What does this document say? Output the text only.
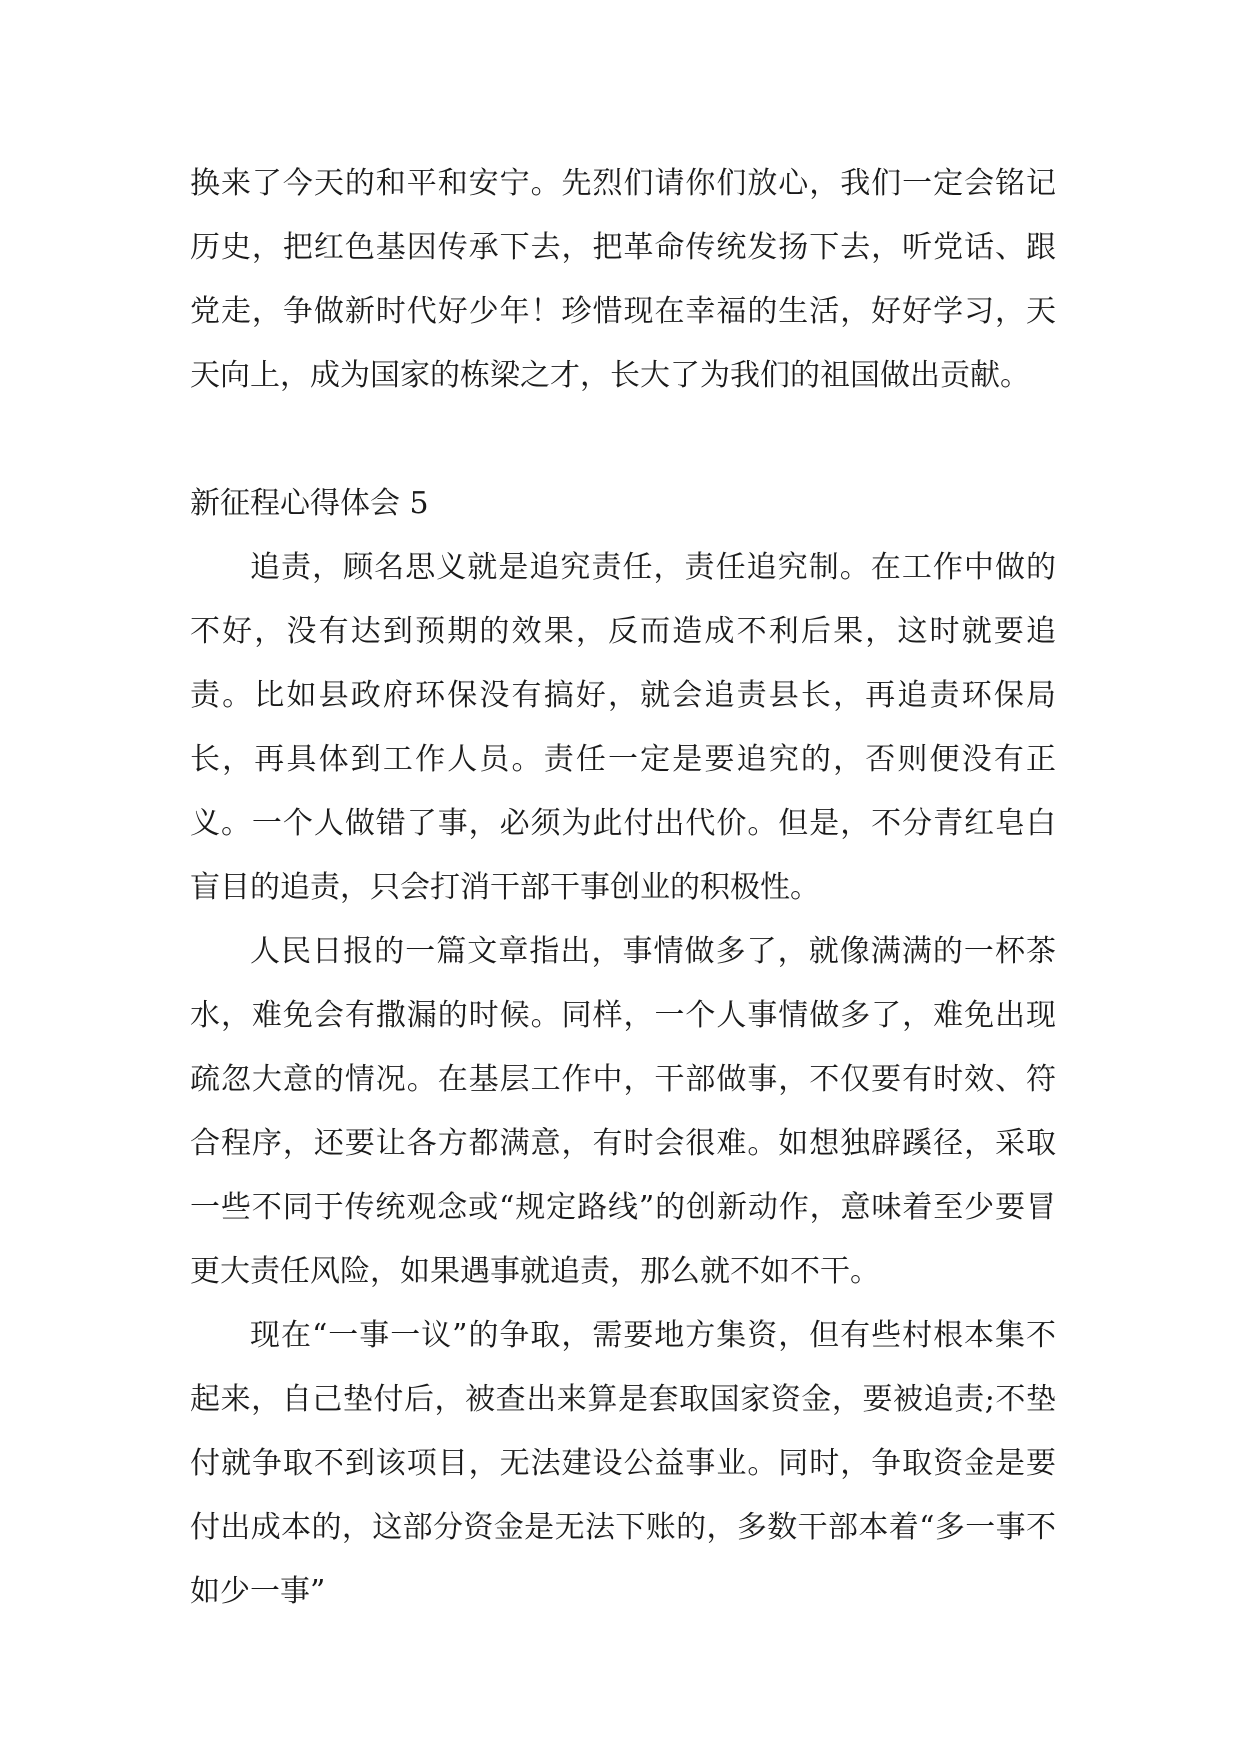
换来了今天的和平和安宁。先烈们请你们放心，我们一定会铭记历史，把红色基因传承下去，把革命传统发扬下去，听党话、跟党走，争做新时代好少年！珍惜现在幸福的生活，好好学习，天天向上，成为国家的栋梁之才，长大了为我们的祖国做出贡献。

新征程心得体会 5

追责，顾名思义就是追究责任，责任追究制。在工作中做的不好，没有达到预期的效果，反而造成不利后果，这时就要追责。比如县政府环保没有搞好，就会追责县长，再追责环保局长，再具体到工作人员。责任一定是要追究的，否则便没有正义。一个人做错了事，必须为此付出代价。但是，不分青红皂白盲目的追责，只会打消干部干事创业的积极性。

人民日报的一篇文章指出，事情做多了，就像满满的一杯茶水，难免会有撒漏的时候。同样，一个人事情做多了，难免出现疏忽大意的情况。在基层工作中，干部做事，不仅要有时效、符合程序，还要让各方都满意，有时会很难。如想独辟蹊径，采取一些不同于传统观念或“规定路线”的创新动作，意味着至少要冒更大责任风险，如果遇事就追责，那么就不如不干。

现在“一事一议”的争取，需要地方集资，但有些村根本集不起来，自己垫付后，被查出来算是套取国家资金，要被追责;不垫付就争取不到该项目，无法建设公益事业。同时，争取资金是要付出成本的，这部分资金是无法下账的，多数干部本着“多一事不如少一事”
